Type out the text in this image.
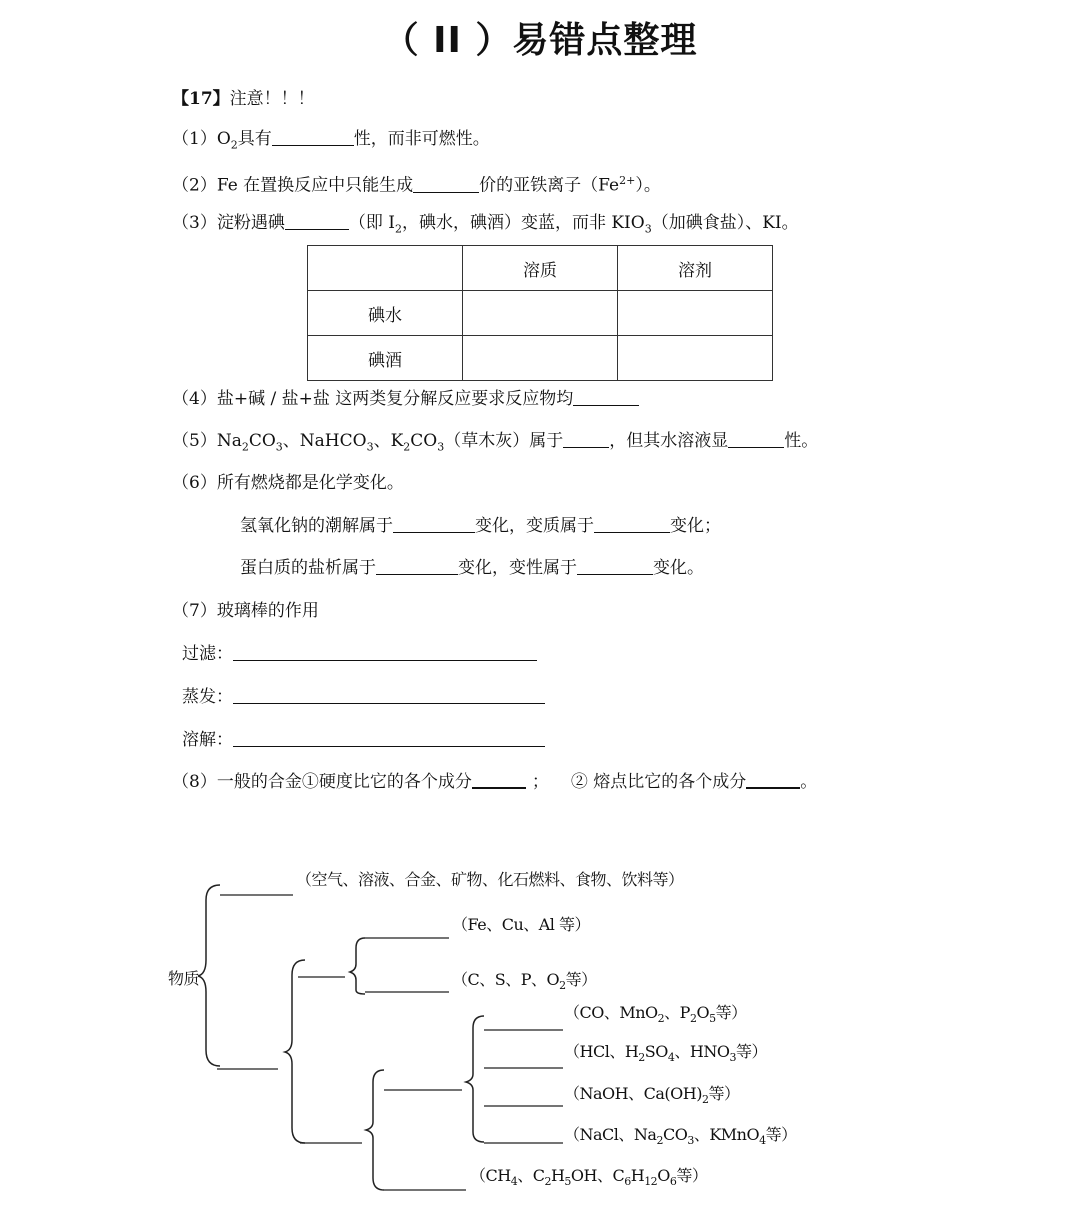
（ II ）易错点整理
【17】注意！！！
$(1)O_2$具有	性，而非可燃性。
（2）Fe 在置换反应中只能生成	价的亚铁离子$(Fe^{2+})$。
（3）淀粉遇碘	（即 $I_2$，碘水，碘酒）变蓝，而非 $KIO_3$（加碘食盐）、KI。
	溶质	溶剂
碘水		
碘酒		
（4）盐+碱 / 盐+盐 这两类复分解反应要求反应物均
$(5)Na_2CO_3$、NaHCO$_3$、$K_2CO_3$（草木灰）属于	，但其水溶液显	性。
（6）所有燃烧都是化学变化。
氢氧化钠的潮解属于	变化，变质属于	变化；
蛋白质的盐析属于	变化，变性属于	变化。
（7）玻璃棒的作用
过滤：
蒸发：
溶解：
（8）一般的合金①硬度比它的各个成分	； ② 熔点比它的各个成分	。
物质
（空气、溶液、合金、矿物、化石燃料、食物、饮料等）
（Fe、Cu、Al 等）
（C、S、P、$O_2$等）
（CO、MnO$_2$、$P_2O_5$等）
（HCl、$H_2SO_4$、$HNO_3$等）
（NaOH、$Ca(OH)_2$等）
（NaCl、$Na_2CO_3$、KMnO$_4$等）
（$CH_4$、$C_2H_5OH$、$C_6H_{12}O_6$等）
